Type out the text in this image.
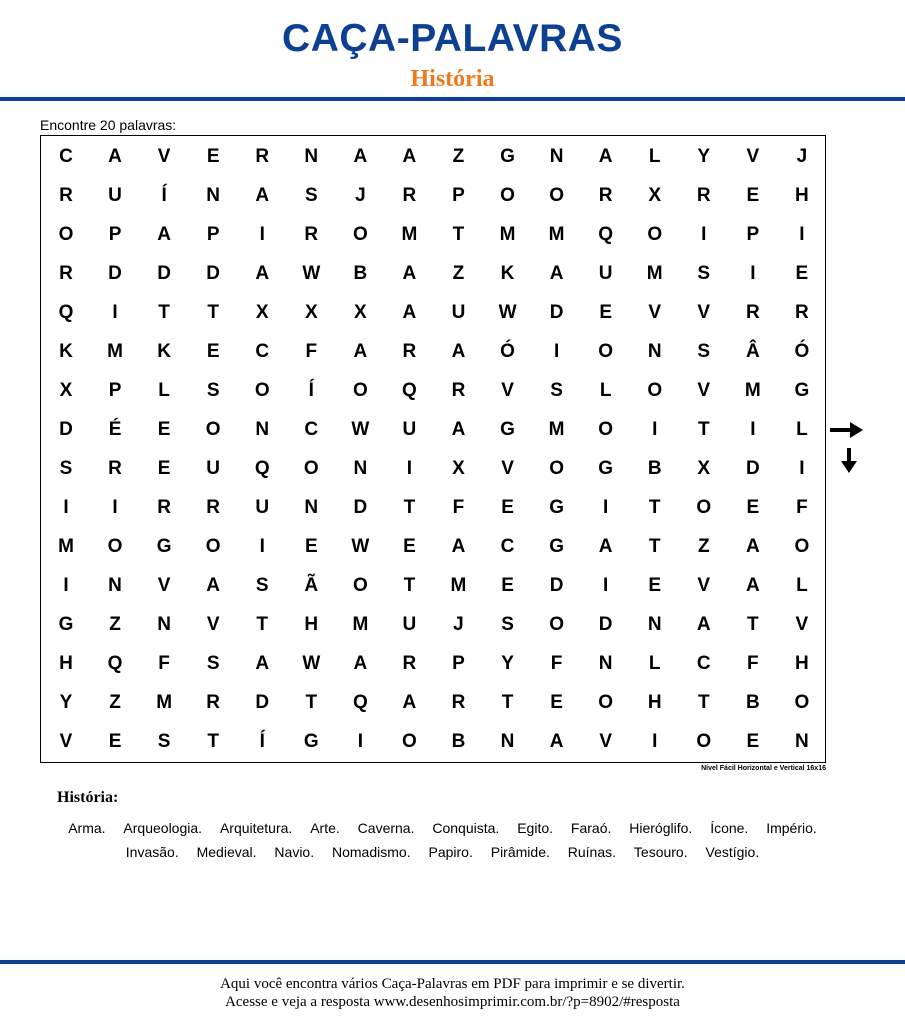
CAÇA-PALAVRAS
História
Encontre 20 palavras:
C	A	V	E	R	N	A	A	Z	G	N	A	L	Y	V	J
R	U	Í	N	A	S	J	R	P	O	O	R	X	R	E	H
O	P	A	P	I	R	O	M	T	M	M	Q	O	I	P	I
R	D	D	D	A	W	B	A	Z	K	A	U	M	S	I	E
Q	I	T	T	X	X	X	A	U	W	D	E	V	V	R	R
K	M	K	E	C	F	A	R	A	Ó	I	O	N	S	Â	Ó
X	P	L	S	O	Í	O	Q	R	V	S	L	O	V	M	G
D	É	E	O	N	C	W	U	A	G	M	O	I	T	I	L
S	R	E	U	Q	O	N	I	X	V	O	G	B	X	D	I
I	I	R	R	U	N	D	T	F	E	G	I	T	O	E	F
M	O	G	O	I	E	W	E	A	C	G	A	T	Z	A	O
I	N	V	A	S	Ã	O	T	M	E	D	I	E	V	A	L
G	Z	N	V	T	H	M	U	J	S	O	D	N	A	T	V
H	Q	F	S	A	W	A	R	P	Y	F	N	L	C	F	H
Y	Z	M	R	D	T	Q	A	R	T	E	O	H	T	B	O
V	E	S	T	Í	G	I	O	B	N	A	V	I	O	E	N
Nível Fácil Horizontal e Vertical 16x16
História:
Arma. Arqueologia. Arquitetura. Arte. Caverna. Conquista. Egito. Faraó. Hieróglifo. Ícone. Império. Invasão. Medieval. Navio. Nomadismo. Papiro. Pirâmide. Ruínas. Tesouro. Vestígio.
Aqui você encontra vários Caça-Palavras em PDF para imprimir e se divertir.
Acesse e veja a resposta www.desenhosimprimir.com.br/?p=8902/#resposta
